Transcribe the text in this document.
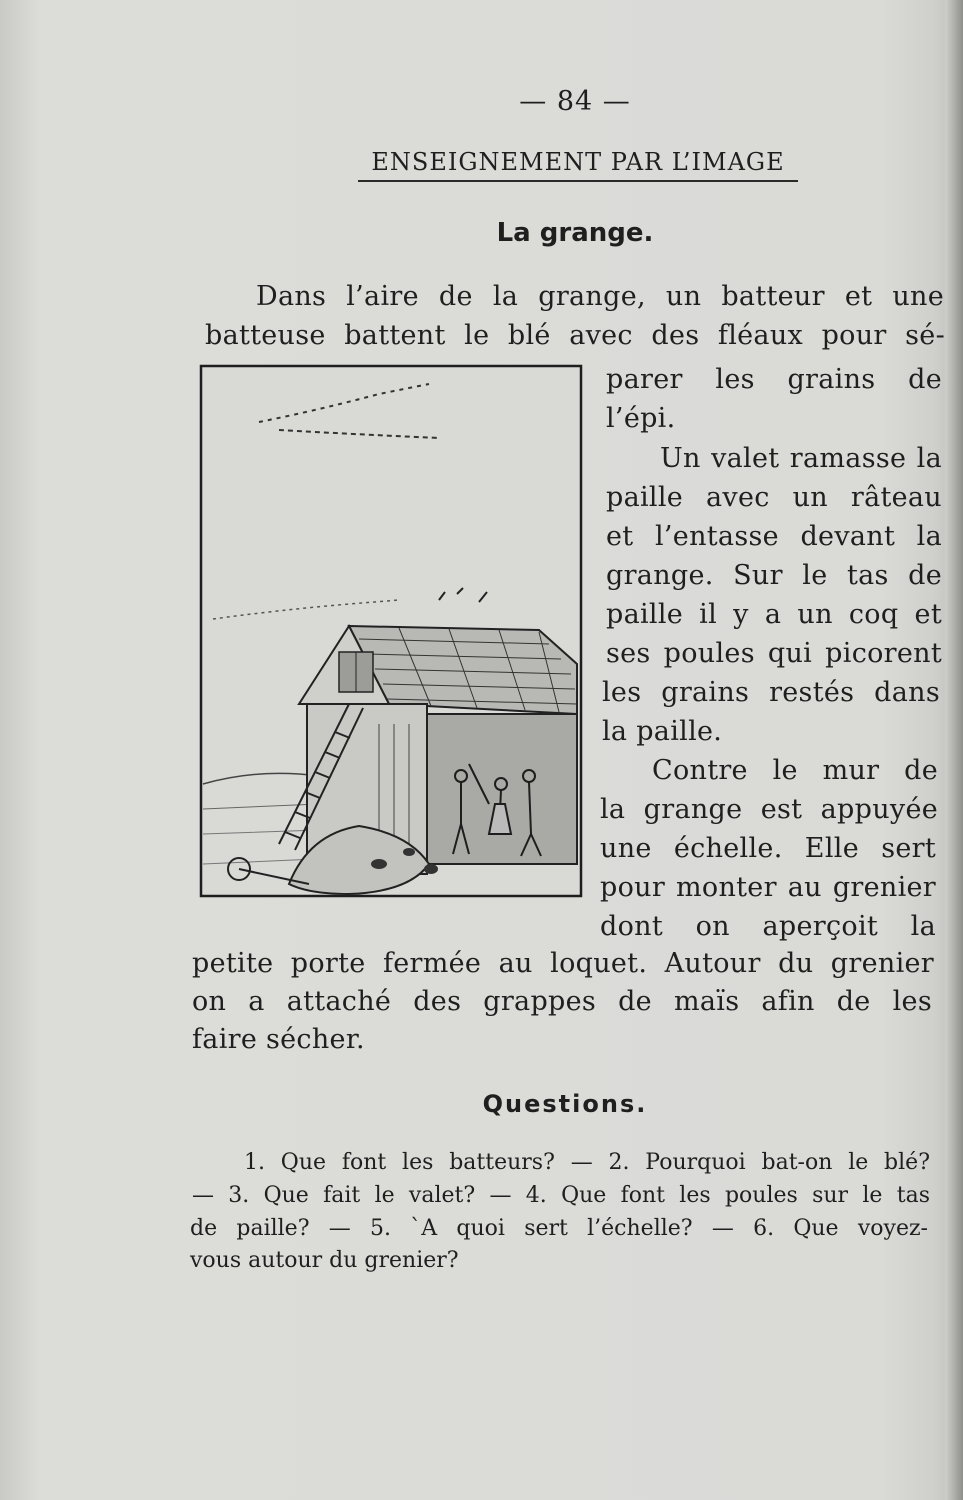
— 84 —
ENSEIGNEMENT PAR L’IMAGE
La grange.
Dans l’aire de la grange, un batteur et une
batteuse battent le blé avec des fléaux pour sé-
parer les grains de
l’épi.
Un valet ramasse la
paille avec un râteau
et l’entasse devant la
grange. Sur le tas de
paille il y a un coq et
ses poules qui picorent
les grains restés dans
la paille.
Contre le mur de
la grange est appuyée
une échelle. Elle sert
pour monter au grenier
dont on aperçoit la
petite porte fermée au loquet. Autour du grenier
on a attaché des grappes de maïs afin de les
faire sécher.
Questions.
1. Que font les batteurs? — 2. Pourquoi bat-on le blé?
— 3. Que fait le valet? — 4. Que font les poules sur le tas
de paille? — 5. `A quoi sert l’échelle? — 6. Que voyez-
vous autour du grenier?
